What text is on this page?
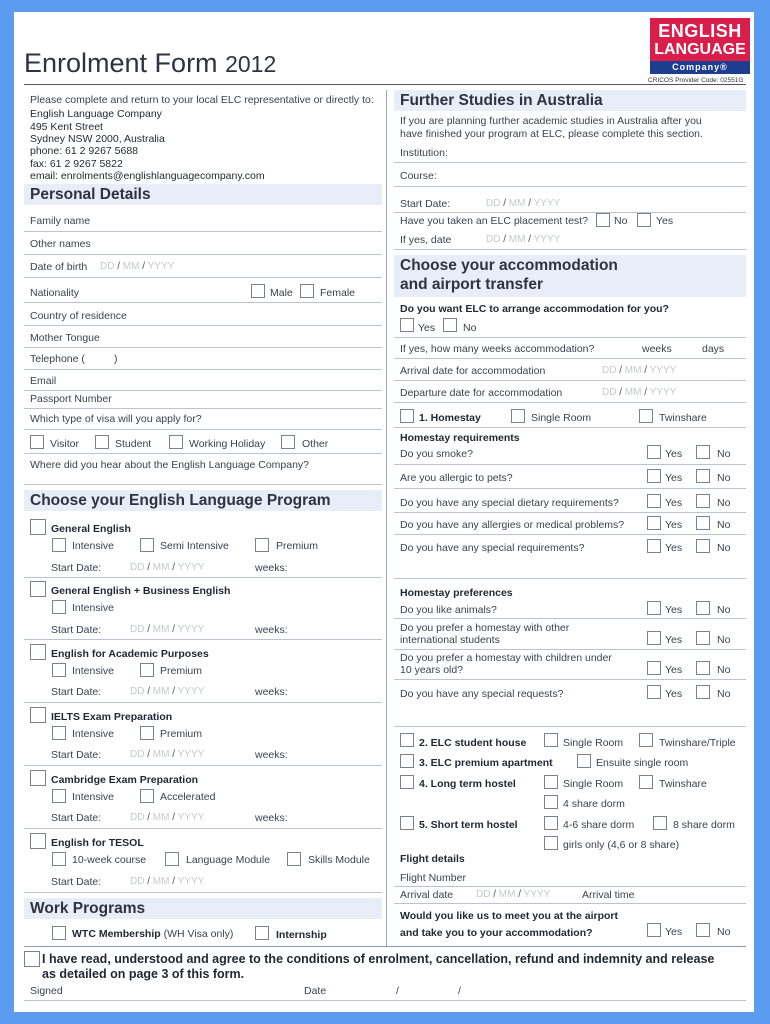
Enrolment Form 2012
ENGLISH
LANGUAGE
Company®
CRICOS Provider Code: 02551G
Please complete and return to your local ELC representative or directly to:
English Language Company
495 Kent Street
Sydney NSW 2000, Australia
phone: 61 2 9267 5688
fax: 61 2 9267 5822
email: enrolments@englishlanguagecompany.com
Personal Details
Family name
Other names
Date of birth DD / MM / YYYY
Nationality	Male	Female
Country of residence
Mother Tongue
Telephone (	)
Email
Passport Number
Which type of visa will you apply for?
Visitor	Student	Working Holiday	Other
Where did you hear about the English Language Company?
Choose your English Language Program
General English
Intensive	Semi Intensive	Premium
Start Date:	DD / MM / YYYY	weeks:
General English + Business English
Intensive
Start Date:	DD / MM / YYYY	weeks:
English for Academic Purposes
Intensive	Premium
Start Date:	DD / MM / YYYY	weeks:
IELTS Exam Preparation
Intensive	Premium
Start Date:	DD / MM / YYYY	weeks:
Cambridge Exam Preparation
Intensive	Accelerated
Start Date:	DD / MM / YYYY	weeks:
English for TESOL
10-week course	Language Module	Skills Module
Start Date:	DD / MM / YYYY
Work Programs
WTC Membership (WH Visa only)	Internship
Further Studies in Australia
If you are planning further academic studies in Australia after you
have finished your program at ELC, please complete this section.
Institution:
Course:
Start Date:	DD / MM / YYYY
Have you taken an ELC placement test? No	Yes
If yes, date	DD / MM / YYYY
Choose your accommodation
and airport transfer
Do you want ELC to arrange accommodation for you?
Yes	No
If yes, how many weeks accommodation?	weeks	days
Arrival date for accommodation	DD / MM / YYYY
Departure date for accommodation	DD / MM / YYYY
1. Homestay	Single Room	Twinshare
Homestay requirements
Do you smoke?	Yes	No
Are you allergic to pets?	Yes	No
Do you have any special dietary requirements?	Yes	No
Do you have any allergies or medical problems?	Yes	No
Do you have any special requirements?	Yes	No
Homestay preferences
Do you like animals?	Yes	No
Do you prefer a homestay with other
international students	Yes	No
Do you prefer a homestay with children under
10 years old?	Yes	No
Do you have any special requests?	Yes	No
2. ELC student house	Single Room	Twinshare/Triple
3. ELC premium apartment	Ensuite single room
4. Long term hostel	Single Room	Twinshare
4 share dorm
5. Short term hostel	4-6 share dorm	8 share dorm
girls only (4,6 or 8 share)
Flight details
Flight Number
Arrival date DD / MM / YYYY	Arrival time
Would you like us to meet you at the airport
and take you to your accommodation?	Yes	No
I have read, understood and agree to the conditions of enrolment, cancellation, refund and indemnity and release
as detailed on page 3 of this form.
Signed	Date	/	/
